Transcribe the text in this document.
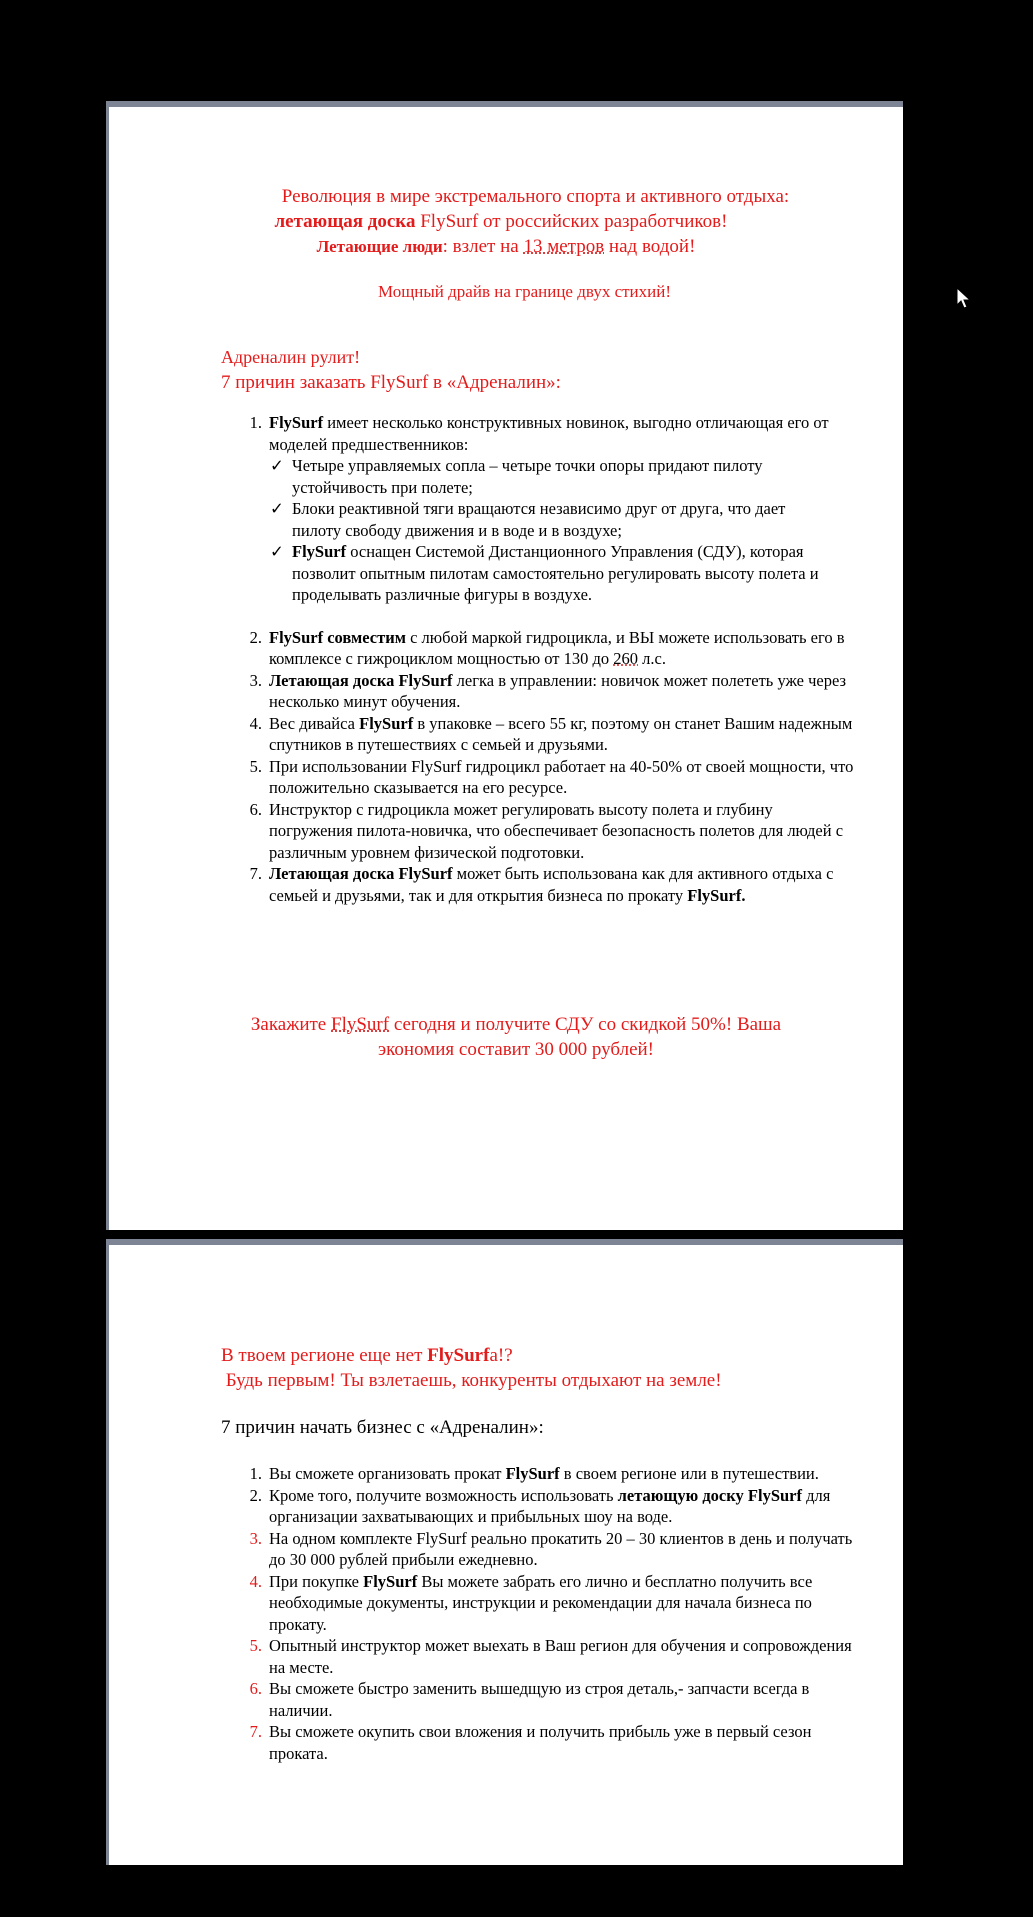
Революция в мире экстремального спорта и активного отдыха:

летающая доска FlySurf от российских разработчиков!

Летающие люди: взлет на 13 метров над водой!

Мощный драйв на границе двух стихий!

Адреналин рулит!

7 причин заказать FlySurf в «Адреналин»:

1. FlySurf имеет несколько конструктивных новинок, выгодно отличающая его от моделей предшественников:
✓ Четыре управляемых сопла – четыре точки опоры придают пилоту устойчивость при полете;
✓ Блоки реактивной тяги вращаются независимо друг от друга, что дает пилоту свободу движения и в воде и в воздухе;
✓ FlySurf оснащен Системой Дистанционного Управления (СДУ), которая позволит опытным пилотам самостоятельно регулировать высоту полета и проделывать различные фигуры в воздухе.
2. FlySurf совместим с любой маркой гидроцикла, и ВЫ можете использовать его в комплексе с гижроциклом мощностью от 130 до 260 л.с.
3. Летающая доска FlySurf легка в управлении: новичок может полететь уже через несколько минут обучения.
4. Вес дивайса FlySurf в упаковке – всего 55 кг, поэтому он станет Вашим надежным спутников в путешествиях с семьей и друзьями.
5. При использовании FlySurf гидроцикл работает на 40-50% от своей мощности, что положительно сказывается на его ресурсе.
6. Инструктор с гидроцикла может регулировать высоту полета и глубину погружения пилота-новичка, что обеспечивает безопасность полетов для людей с различным уровнем физической подготовки.
7. Летающая доска FlySurf может быть использована как для активного отдыха с семьей и друзьями, так и для открытия бизнеса по прокату FlySurf.

Закажите FlySurf сегодня и получите СДУ со скидкой 50%! Ваша

экономия составит 30 000 рублей!

В твоем регионе еще нет FlySurfа!?

Будь первым! Ты взлетаешь, конкуренты отдыхают на земле!

7 причин начать бизнес с «Адреналин»:

1. Вы сможете организовать прокат FlySurf в своем регионе или в путешествии.
2. Кроме того, получите возможность использовать летающую доску FlySurf для организации захватывающих и прибыльных шоу на воде.
3. На одном комплекте FlySurf реально прокатить 20 – 30 клиентов в день и получать до 30 000 рублей прибыли ежедневно.
4. При покупке FlySurf Вы можете забрать его лично и бесплатно получить все необходимые документы, инструкции и рекомендации для начала бизнеса по прокату.
5. Опытный инструктор может выехать в Ваш регион для обучения и сопровождения на месте.
6. Вы сможете быстро заменить вышедщую из строя деталь,- запчасти всегда в наличии.
7. Вы сможете окупить свои вложения и получить прибыль уже в первый сезон проката.
